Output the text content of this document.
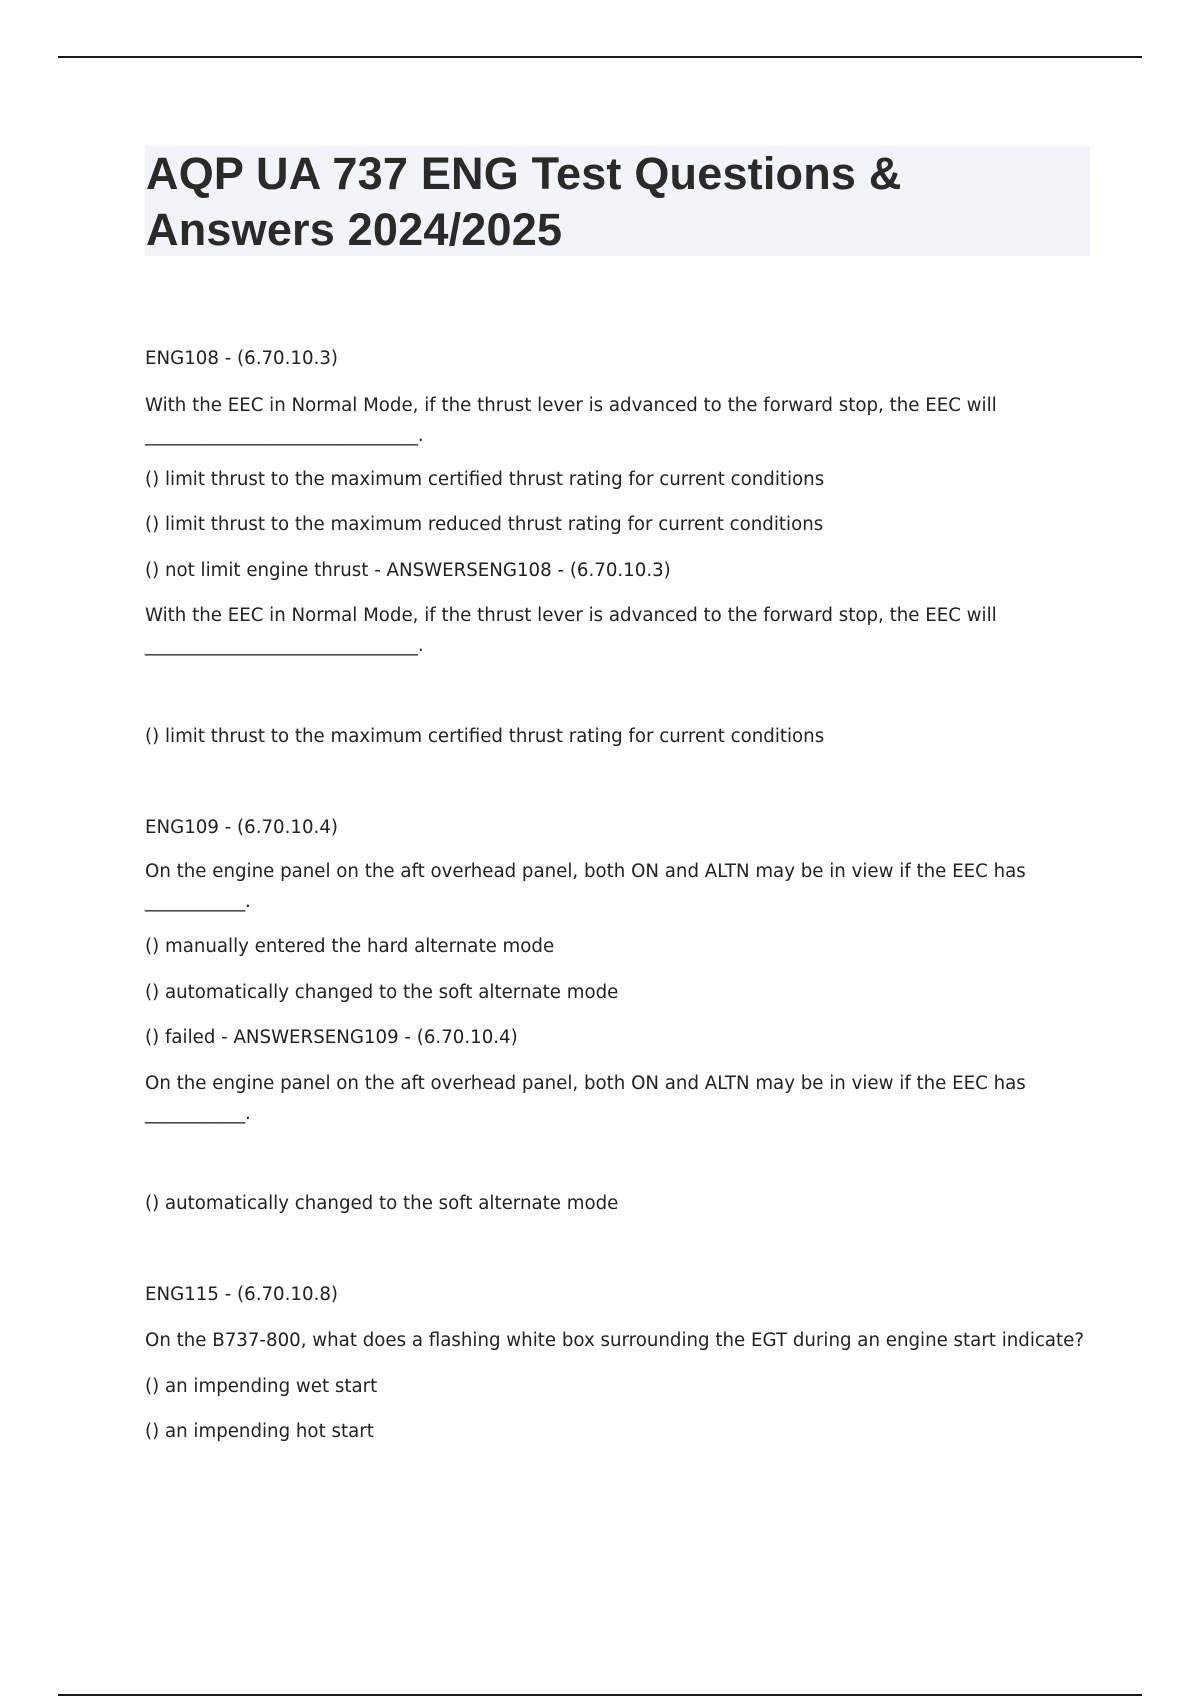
AQP UA 737 ENG Test Questions & Answers 2024/2025

ENG108 - (6.70.10.3)

With the EEC in Normal Mode, if the thrust lever is advanced to the forward stop, the EEC will

______________________________.

() limit thrust to the maximum certified thrust rating for current conditions

() limit thrust to the maximum reduced thrust rating for current conditions

() not limit engine thrust - ANSWERSENG108 - (6.70.10.3)

With the EEC in Normal Mode, if the thrust lever is advanced to the forward stop, the EEC will

______________________________.

() limit thrust to the maximum certified thrust rating for current conditions

ENG109 - (6.70.10.4)

On the engine panel on the aft overhead panel, both ON and ALTN may be in view if the EEC has

___________.

() manually entered the hard alternate mode

() automatically changed to the soft alternate mode

() failed - ANSWERSENG109 - (6.70.10.4)

On the engine panel on the aft overhead panel, both ON and ALTN may be in view if the EEC has

___________.

() automatically changed to the soft alternate mode

ENG115 - (6.70.10.8)

On the B737-800, what does a flashing white box surrounding the EGT during an engine start indicate?

() an impending wet start

() an impending hot start
